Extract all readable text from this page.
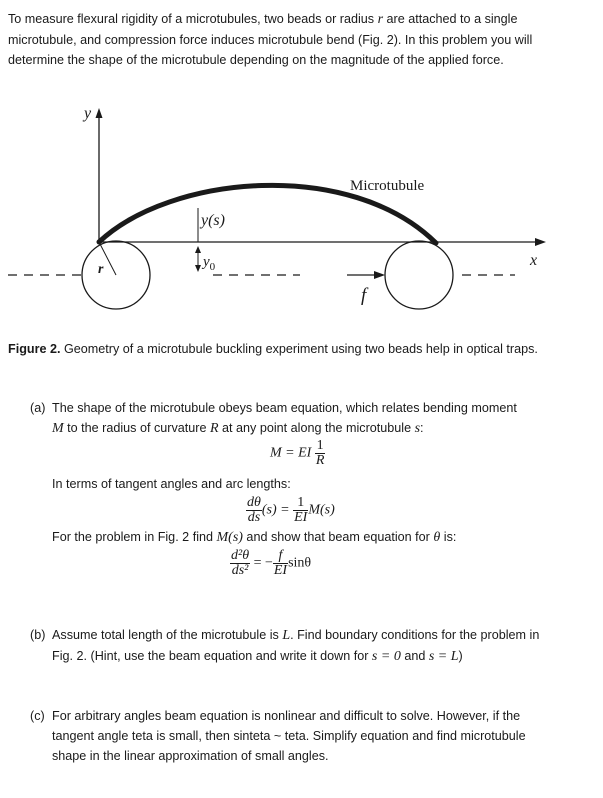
To measure flexural rigidity of a microtubules, two beads or radius r are attached to a single microtubule, and compression force induces microtubule bend (Fig. 2). In this problem you will determine the shape of the microtubule depending on the magnitude of the applied force.

y
x
r
f
Microtubule
y(s)
$y_0$

Figure 2. Geometry of a microtubule buckling experiment using two beads help in optical traps.

(a) The shape of the microtubule obeys beam equation, which relates bending moment
M to the radius of curvature R at any point along the microtubule s:
M = EI $\frac{1}{R}$

In terms of tangent angles and arc lengths:

$\frac{d\theta}{ds} (s) = \frac{1}{EI} M(s)$

For the problem in Fig. 2 find M(s) and show that beam equation for θ is:

$\frac{\text{d²θ}}{\text{ds²}}$ = − $\frac{f}{EI}$ sinθ
(b) Assume total length of the microtubule is L. Find boundary conditions for the problem in Fig. 2. (Hint, use the beam equation and write it down for s = 0 and s = L)
(c) For arbitrary angles beam equation is nonlinear and difficult to solve. However, if the tangent angle teta is small, then sinteta ~ teta. Simplify equation and find microtubule shape in the linear approximation of small angles.
